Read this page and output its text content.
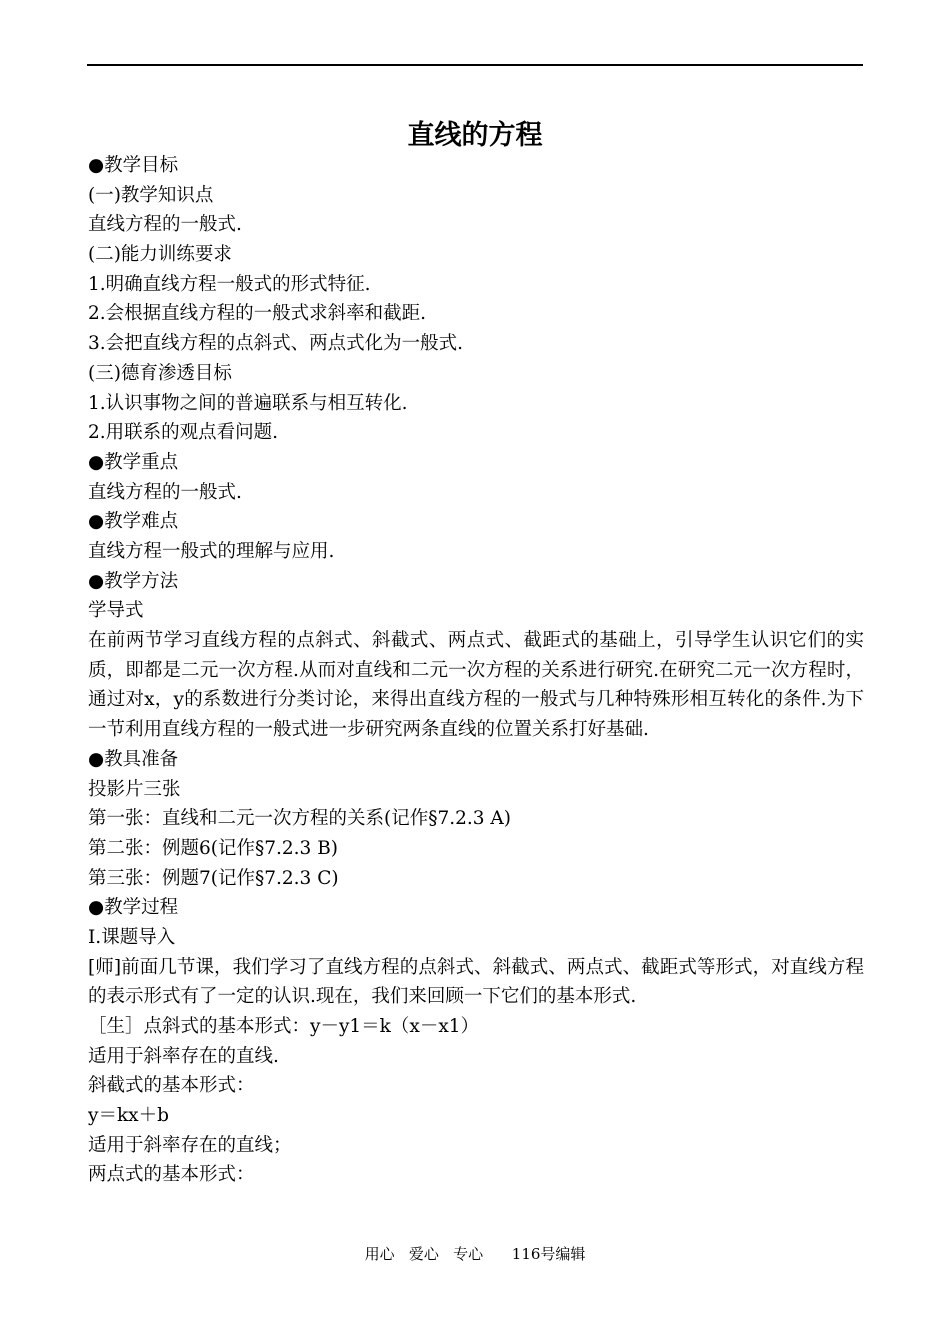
直线的方程
●教学目标
(一)教学知识点
直线方程的一般式.
(二)能力训练要求
1.明确直线方程一般式的形式特征.
2.会根据直线方程的一般式求斜率和截距.
3.会把直线方程的点斜式、两点式化为一般式.
(三)德育渗透目标
1.认识事物之间的普遍联系与相互转化.
2.用联系的观点看问题.
●教学重点
直线方程的一般式.
●教学难点
直线方程一般式的理解与应用.
●教学方法
学导式
在前两节学习直线方程的点斜式、斜截式、两点式、截距式的基础上，引导学生认识它们的实质，即都是二元一次方程.从而对直线和二元一次方程的关系进行研究.在研究二元一次方程时，通过对x，y的系数进行分类讨论，来得出直线方程的一般式与几种特殊形相互转化的条件.为下一节利用直线方程的一般式进一步研究两条直线的位置关系打好基础.
●教具准备
投影片三张
第一张：直线和二元一次方程的关系(记作§7.2.3 A)
第二张：例题6(记作§7.2.3 B)
第三张：例题7(记作§7.2.3 C)
●教学过程
Ⅰ.课题导入
[师]前面几节课，我们学习了直线方程的点斜式、斜截式、两点式、截距式等形式，对直线方程的表示形式有了一定的认识.现在，我们来回顾一下它们的基本形式.
［生］点斜式的基本形式：y－y1＝k（x－x1）
适用于斜率存在的直线.
斜截式的基本形式：
y＝kx＋b
适用于斜率存在的直线；
两点式的基本形式：
用心   爱心   专心      116号编辑
